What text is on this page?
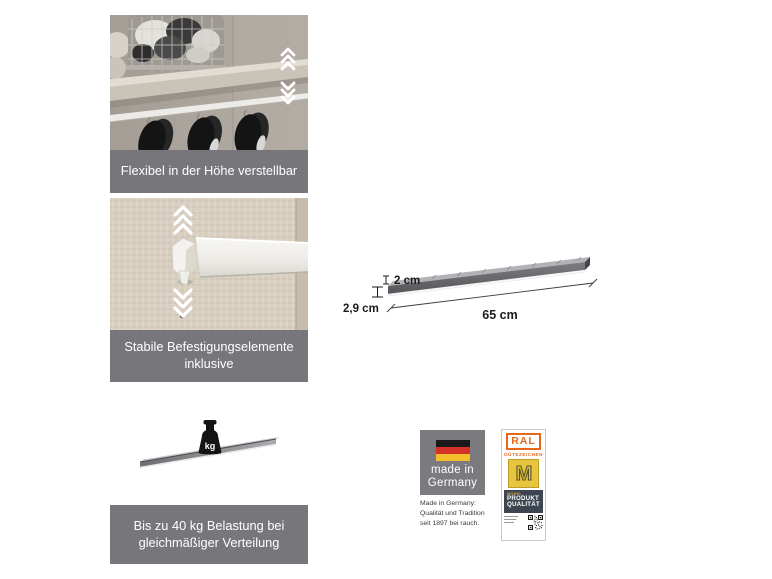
Flexibel in der Höhe verstellbar
Stabile Befestigungselemente inklusive
kg
Bis zu 40 kg Belastung bei gleichmäßiger Verteilung
2 cm
2,9 cm	65 cm
made in
Germany
Made in Germany:
Qualität und Tradition
seit 1897 bei rauch.
RAL
GÜTEZEICHEN
M
MÖBEL
PRODUKT
QUALITÄT
